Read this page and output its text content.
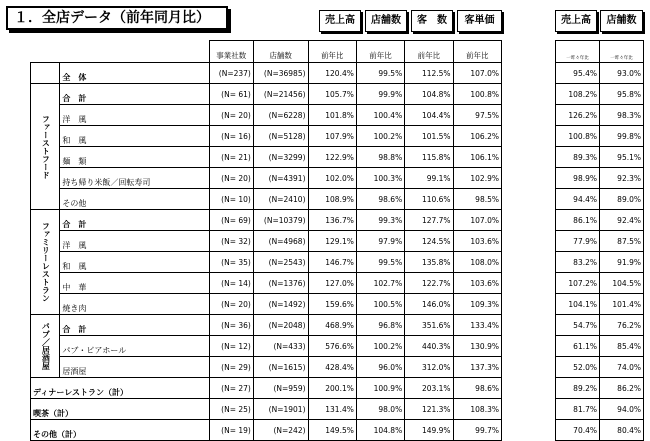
１．全店データ（前年同月比）	売上高	店舗数	客　数	客単価	売上高	店舗数
		事業社数	店舗数	前年比	前年比	前年比	前年比
	全　体	(N=237)	(N=36985)	120.4%	99.5%	112.5%	107.0%
ファーストフード	合　計	(N= 61)	(N=21456)	105.7%	99.9%	104.8%	100.8%
	洋　風	(N= 20)	(N=6228)	101.8%	100.4%	104.4%	97.5%
	和　風	(N= 16)	(N=5128)	107.9%	100.2%	101.5%	106.2%
	麺　類	(N= 21)	(N=3299)	122.9%	98.8%	115.8%	106.1%
	持ち帰り米飯／回転寿司	(N= 20)	(N=4391)	102.0%	100.3%	99.1%	102.9%
	その他	(N= 10)	(N=2410)	108.9%	98.6%	110.6%	98.5%
ファミリーレストラン	合　計	(N= 69)	(N=10379)	136.7%	99.3%	127.7%	107.0%
	洋　風	(N= 32)	(N=4968)	129.1%	97.9%	124.5%	103.6%
	和　風	(N= 35)	(N=2543)	146.7%	99.5%	135.8%	108.0%
	中　華	(N= 14)	(N=1376)	127.0%	102.7%	122.7%	103.6%
	焼き肉	(N= 20)	(N=1492)	159.6%	100.5%	146.0%	109.3%
パブ／居酒屋	合　計	(N= 36)	(N=2048)	468.9%	96.8%	351.6%	133.4%
	パブ・ビアホール	(N= 12)	(N=433)	576.6%	100.2%	440.3%	130.9%
	居酒屋	(N= 29)	(N=1615)	428.4%	96.0%	312.0%	137.3%
ディナーレストラン（計）		(N= 27)	(N=959)	200.1%	100.9%	203.1%	98.6%
喫茶（計）		(N= 25)	(N=1901)	131.4%	98.0%	121.3%	108.3%
その他（計）		(N= 19)	(N=242)	149.5%	104.8%	149.9%	99.7%
一昨々年比	一昨々年比
95.4%	93.0%
108.2%	95.8%
126.2%	98.3%
100.8%	99.8%
89.3%	95.1%
98.9%	92.3%
94.4%	89.0%
86.1%	92.4%
77.9%	87.5%
83.2%	91.9%
107.2%	104.5%
104.1%	101.4%
54.7%	76.2%
61.1%	85.4%
52.0%	74.0%
89.2%	86.2%
81.7%	94.0%
70.4%	80.4%
